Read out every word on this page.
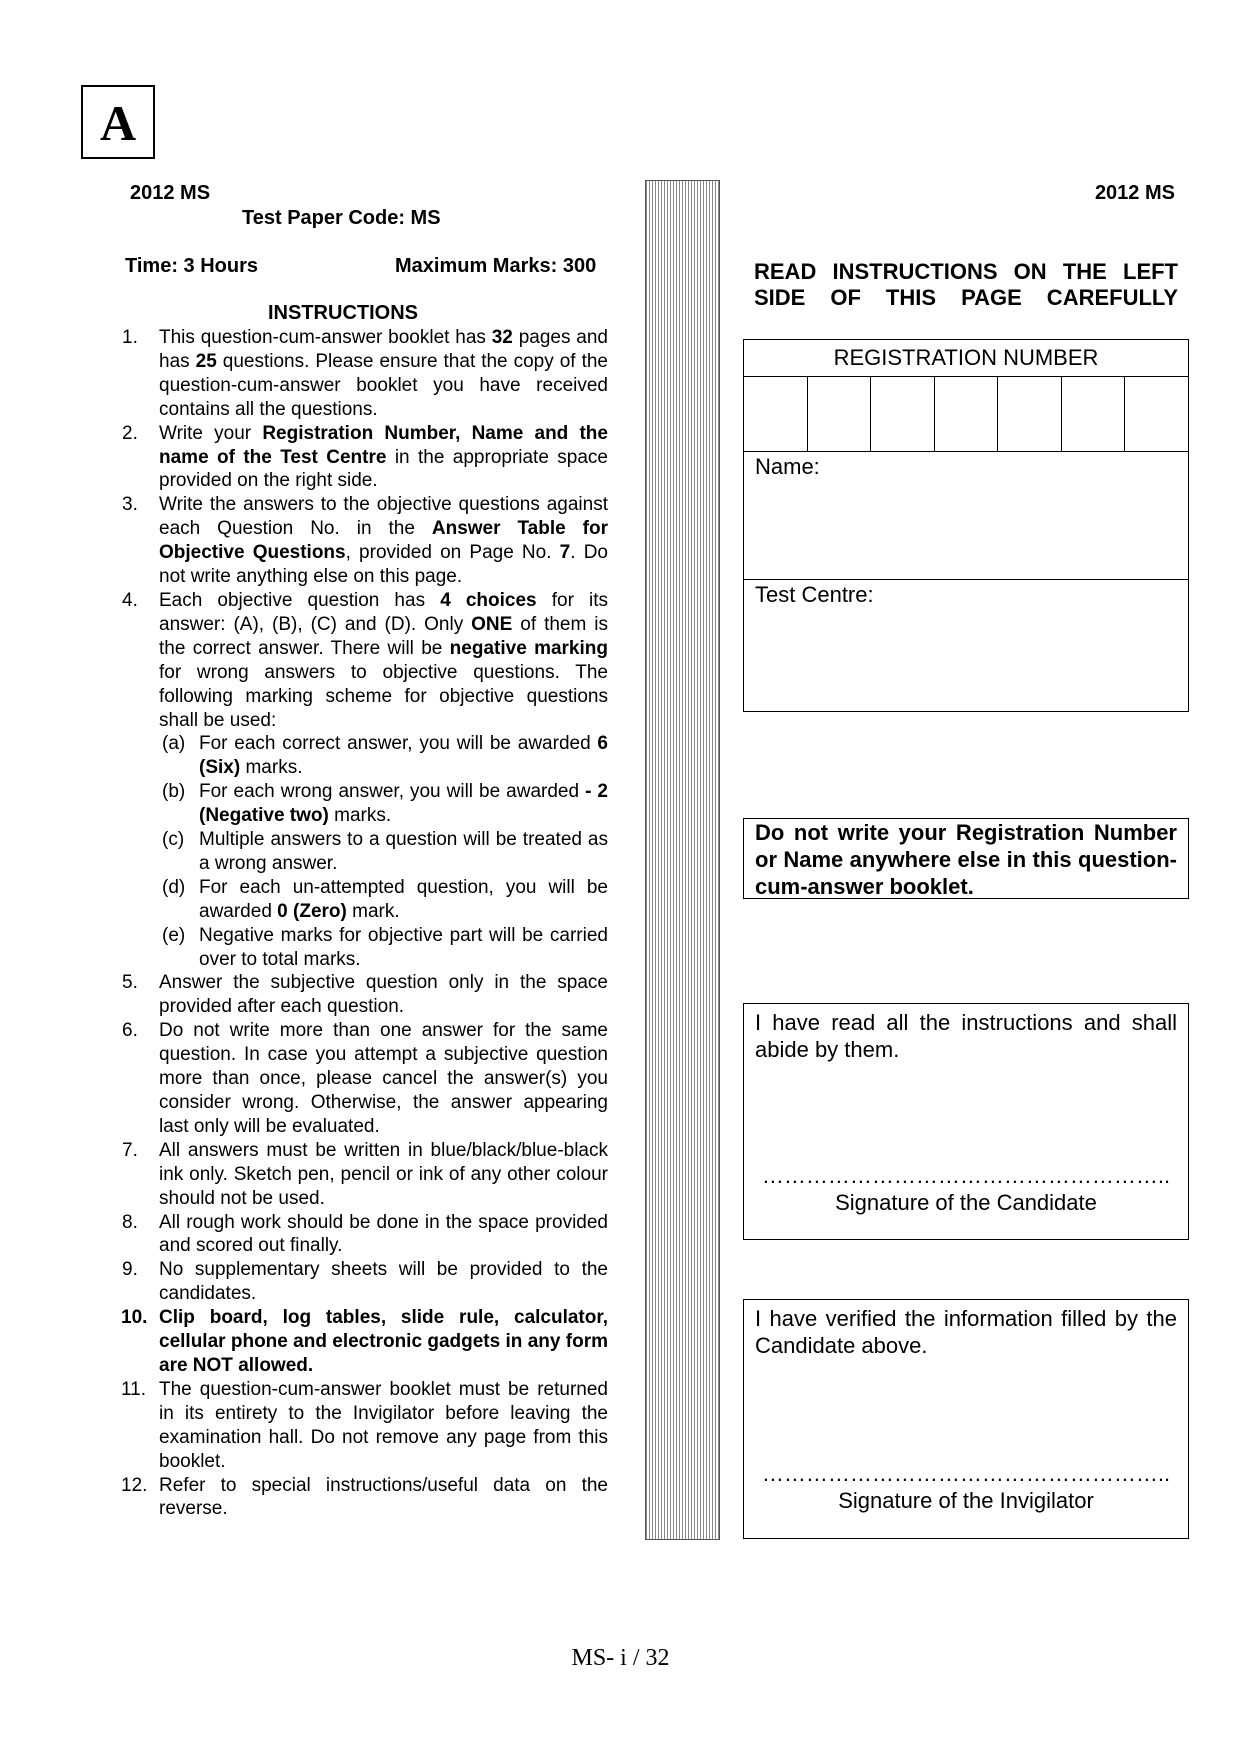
A
2012 MS
Test Paper Code: MS
Time: 3 Hours	Maximum Marks: 300
INSTRUCTIONS
1. This question-cum-answer booklet has 32 pages and has 25 questions. Please ensure that the copy of the question-cum-answer booklet you have received contains all the questions.
2. Write your Registration Number, Name and the name of the Test Centre in the appropriate space provided on the right side.
3. Write the answers to the objective questions against each Question No. in the Answer Table for Objective Questions, provided on Page No. 7. Do not write anything else on this page.
4. Each objective question has 4 choices for its answer: (A), (B), (C) and (D). Only ONE of them is the correct answer. There will be negative marking for wrong answers to objective questions. The following marking scheme for objective questions shall be used:
(a) For each correct answer, you will be awarded 6 (Six) marks.
(b) For each wrong answer, you will be awarded - 2 (Negative two) marks.
(c) Multiple answers to a question will be treated as a wrong answer.
(d) For each un-attempted question, you will be awarded 0 (Zero) mark.
(e) Negative marks for objective part will be carried over to total marks.
5. Answer the subjective question only in the space provided after each question.
6. Do not write more than one answer for the same question. In case you attempt a subjective question more than once, please cancel the answer(s) you consider wrong. Otherwise, the answer appearing last only will be evaluated.
7. All answers must be written in blue/black/blue-black ink only. Sketch pen, pencil or ink of any other colour should not be used.
8. All rough work should be done in the space provided and scored out finally.
9. No supplementary sheets will be provided to the candidates.
10. Clip board, log tables, slide rule, calculator, cellular phone and electronic gadgets in any form are NOT allowed.
11. The question-cum-answer booklet must be returned in its entirety to the Invigilator before leaving the examination hall. Do not remove any page from this booklet.
12. Refer to special instructions/useful data on the reverse.
2012 MS
READ INSTRUCTIONS ON THE LEFT SIDE OF THIS PAGE CAREFULLY
REGISTRATION NUMBER
Name:
Test Centre:
Do not write your Registration Number or Name anywhere else in this question-cum-answer booklet.
I have read all the instructions and shall abide by them.
………………………………………………..
Signature of the Candidate
I have verified the information filled by the Candidate above.
………………………………………………..
Signature of the Invigilator
MS- i / 32
